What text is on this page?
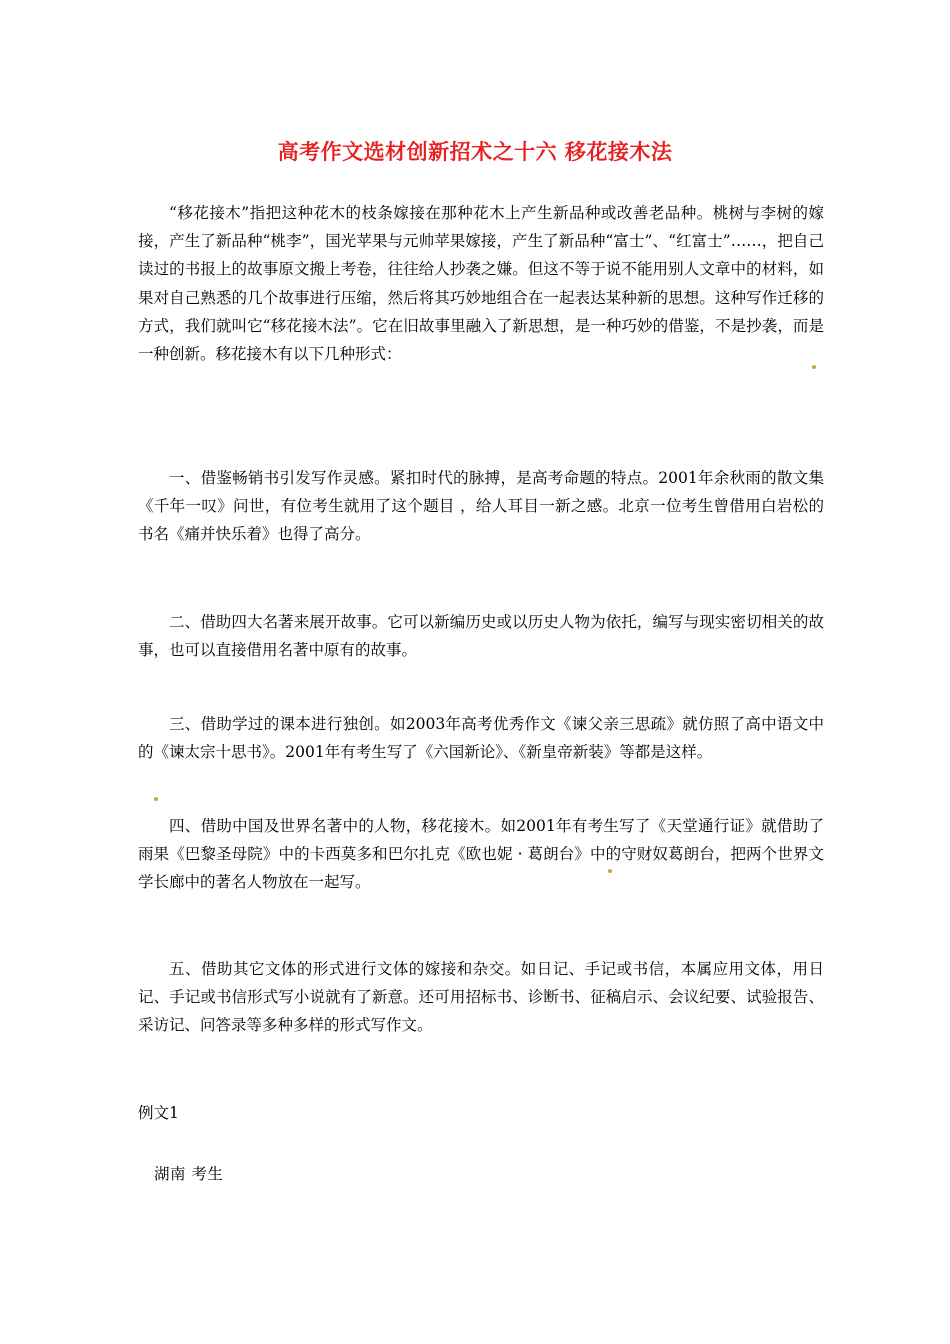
高考作文选材创新招术之十六 移花接木法

“移花接木”指把这种花木的枝条嫁接在那种花木上产生新品种或改善老品种。桃树与李树的嫁接，产生了新品种“桃李”，国光苹果与元帅苹果嫁接，产生了新品种“富士”、“红富士”……，把自己读过的书报上的故事原文搬上考卷，往往给人抄袭之嫌。但这不等于说不能用别人文章中的材料，如果对自己熟悉的几个故事进行压缩，然后将其巧妙地组合在一起表达某种新的思想。这种写作迁移的方式，我们就叫它“移花接木法”。它在旧故事里融入了新思想，是一种巧妙的借鉴，不是抄袭，而是一种创新。移花接木有以下几种形式：

一、借鉴畅销书引发写作灵感。紧扣时代的脉搏，是高考命题的特点。2001年余秋雨的散文集《千年一叹》问世，有位考生就用了这个题目 ，给人耳目一新之感。北京一位考生曾借用白岩松的书名《痛并快乐着》也得了高分。

二、借助四大名著来展开故事。它可以新编历史或以历史人物为依托，编写与现实密切相关的故事，也可以直接借用名著中原有的故事。

三、借助学过的课本进行独创。如2003年高考优秀作文《谏父亲三思疏》就仿照了高中语文中的《谏太宗十思书》。2001年有考生写了《六国新论》、《新皇帝新装》等都是这样。

四、借助中国及世界名著中的人物，移花接木。如2001年有考生写了《天堂通行证》就借助了雨果《巴黎圣母院》中的卡西莫多和巴尔扎克《欧也妮 · 葛朗台》中的守财奴葛朗台，把两个世界文学长廊中的著名人物放在一起写。

五、借助其它文体的形式进行文体的嫁接和杂交。如日记、手记或书信，本属应用文体，用日记、手记或书信形式写小说就有了新意。还可用招标书、诊断书、征稿启示、会议纪要、试验报告、采访记、问答录等多种多样的形式写作文。

例文1

湖南 考生
